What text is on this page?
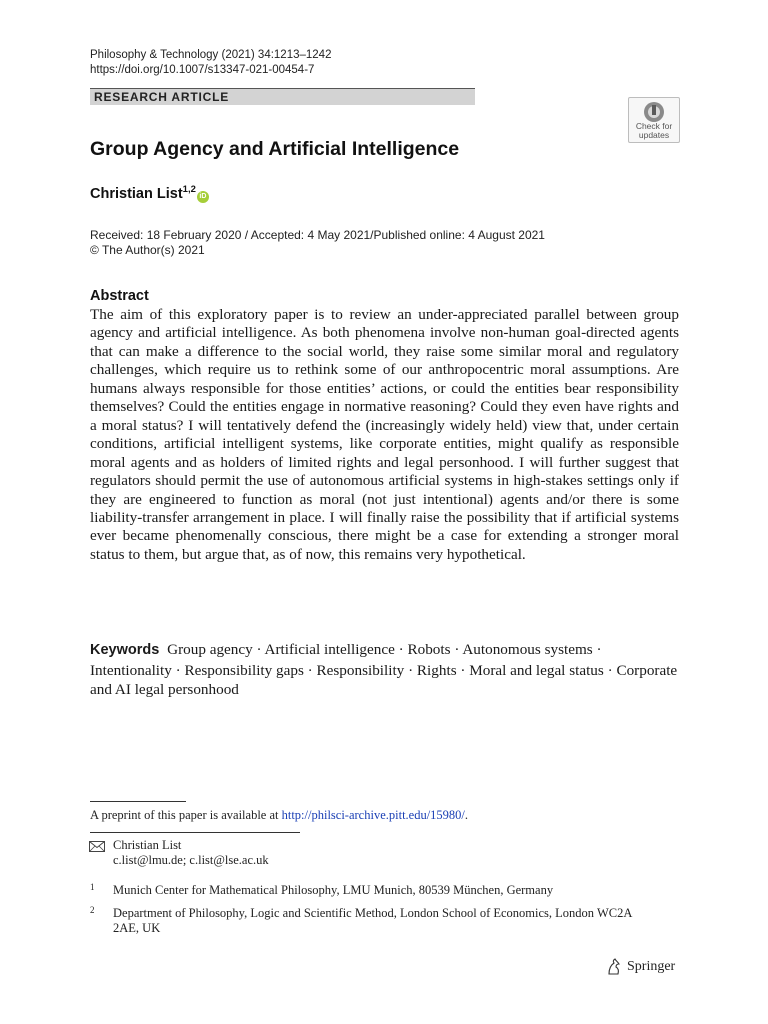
Philosophy & Technology (2021) 34:1213–1242
https://doi.org/10.1007/s13347-021-00454-7
RESEARCH ARTICLE
Check for
updates
Group Agency and Artificial Intelligence
Christian List$^{1,2}$iD
Received: 18 February 2020 / Accepted: 4 May 2021/Published online: 4 August 2021
© The Author(s) 2021
Abstract

The aim of this exploratory paper is to review an under-appreciated parallel between group agency and artificial intelligence. As both phenomena involve non-human goal-directed agents that can make a difference to the social world, they raise some similar moral and regulatory challenges, which require us to rethink some of our anthropocentric moral assumptions. Are humans always responsible for those entities’ actions, or could the entities bear responsibility themselves? Could the entities engage in normative reasoning? Could they even have rights and a moral status? I will tentatively defend the (increasingly widely held) view that, under certain conditions, artificial intelligent systems, like corporate entities, might qualify as responsible moral agents and as holders of limited rights and legal personhood. I will further suggest that regulators should permit the use of autonomous artificial systems in high-stakes settings only if they are engineered to function as moral (not just intentional) agents and/or there is some liability-transfer arrangement in place. I will finally raise the possibility that if artificial systems ever became phenomenally conscious, there might be a case for extending a stronger moral status to them, but argue that, as of now, this remains very hypothetical.

Keywords Group agency · Artificial intelligence · Robots · Autonomous systems · Intentionality · Responsibility gaps · Responsibility · Rights · Moral and legal status · Corporate and AI legal personhood
A preprint of this paper is available at http://philsci-archive.pitt.edu/15980/.
Christian List
c.list@lmu.de; c.list@lse.ac.uk
1 Munich Center for Mathematical Philosophy, LMU Munich, 80539 München, Germany
2 Department of Philosophy, Logic and Scientific Method, London School of Economics, London WC2A 2AE, UK
Springer
